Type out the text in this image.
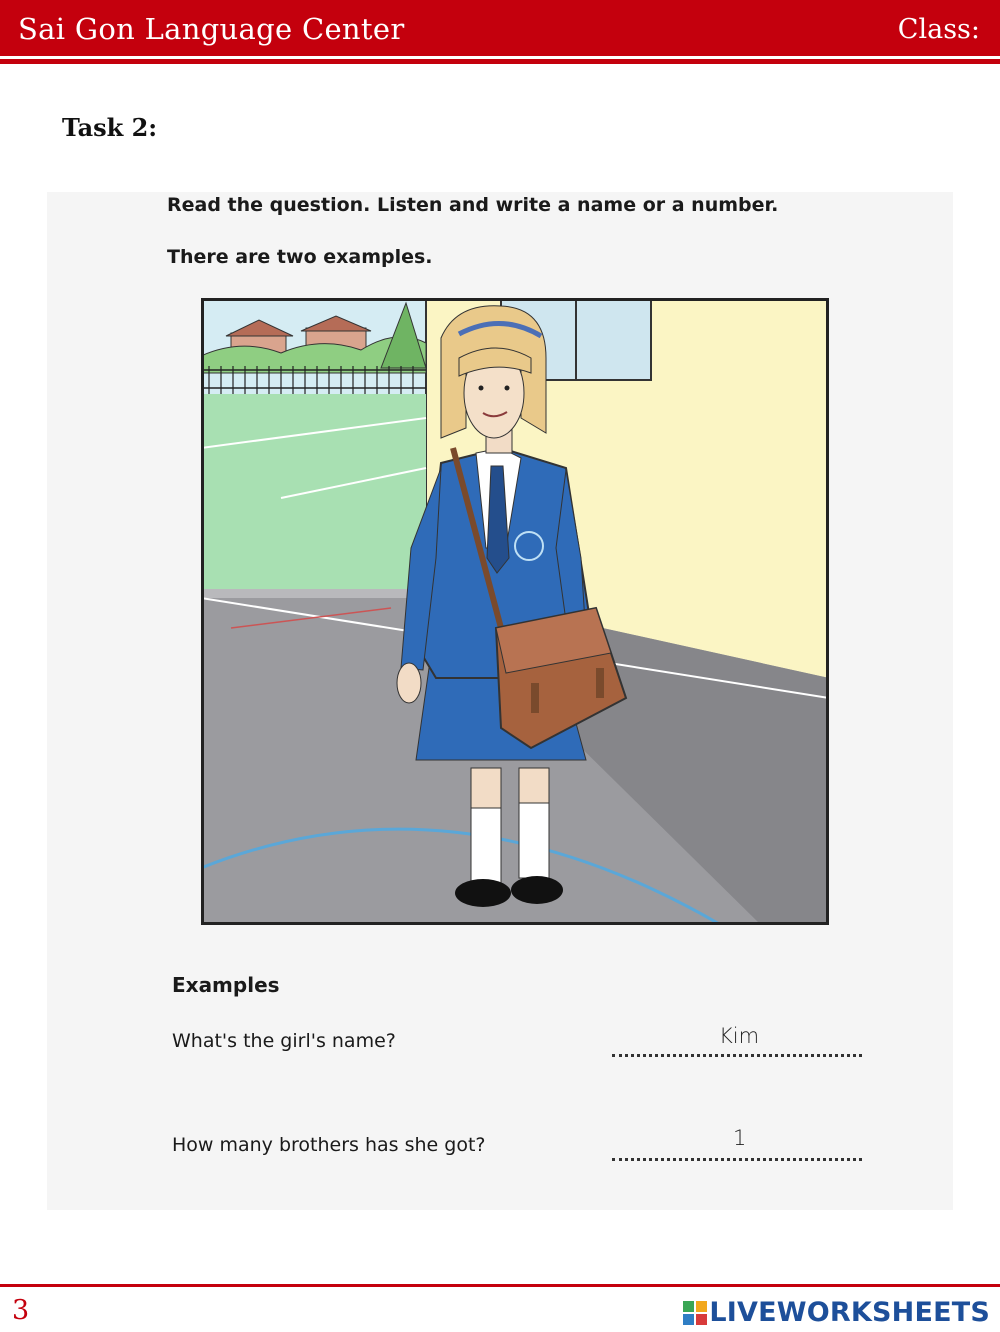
Sai Gon Language Center	Class:
Task 2:
Read the question. Listen and write a name or a number.
There are two examples.
Examples
What's the girl's name?	Kim
How many brothers has she got?	1
3	LIVEWORKSHEETS
